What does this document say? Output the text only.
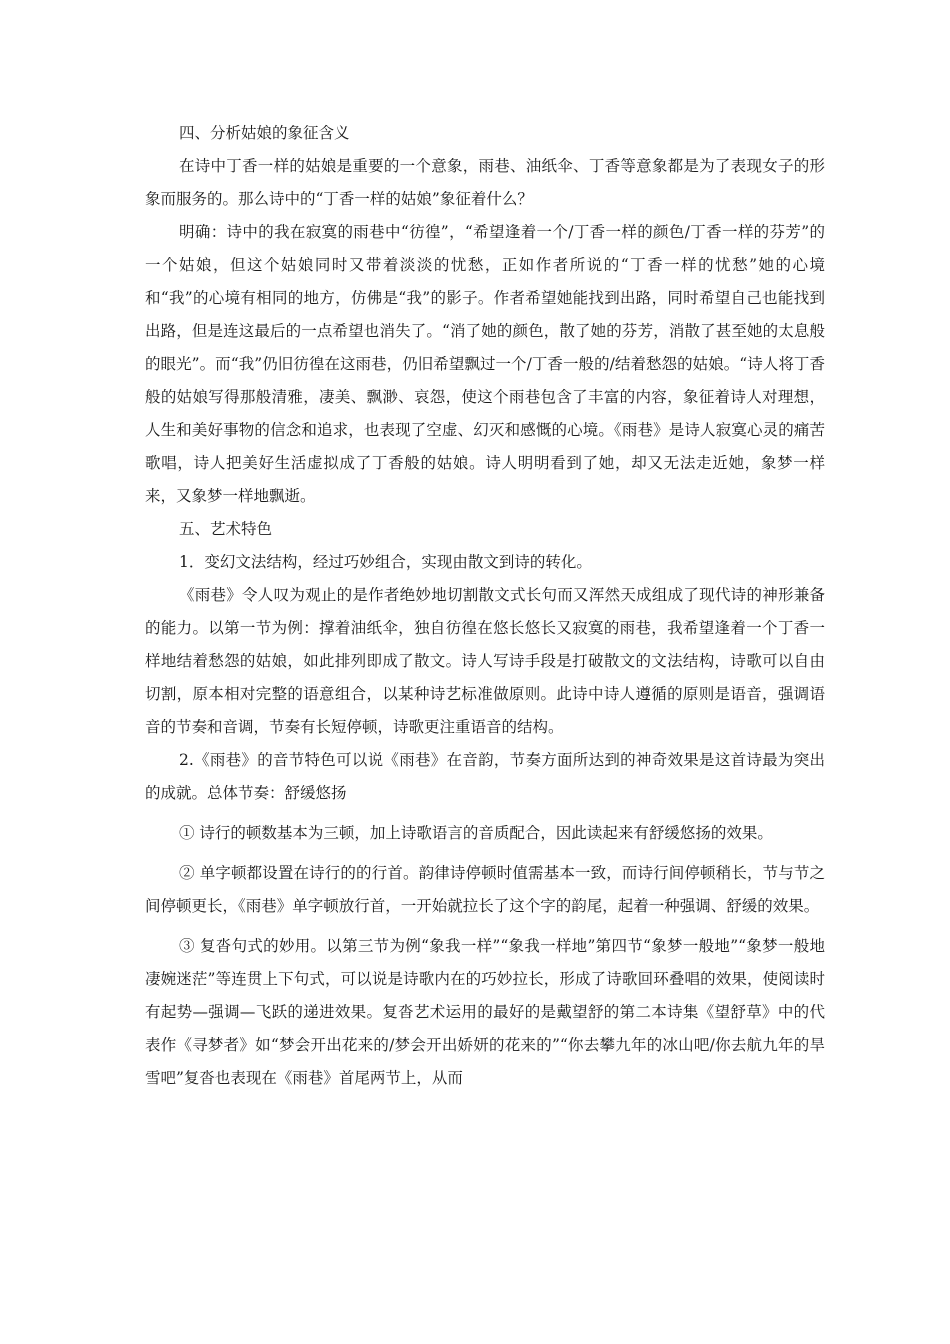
四、分析姑娘的象征含义

在诗中丁香一样的姑娘是重要的一个意象，雨巷、油纸伞、丁香等意象都是为了表现女子的形象而服务的。那么诗中的“丁香一样的姑娘”象征着什么？

明确：诗中的我在寂寞的雨巷中“彷徨”，“希望逢着一个/丁香一样的颜色/丁香一样的芬芳”的一个姑娘，但这个姑娘同时又带着淡淡的忧愁，正如作者所说的“丁香一样的忧愁”她的心境和“我”的心境有相同的地方，仿佛是“我”的影子。作者希望她能找到出路，同时希望自己也能找到出路，但是连这最后的一点希望也消失了。“消了她的颜色，散了她的芬芳，消散了甚至她的太息般的眼光”。而“我”仍旧彷徨在这雨巷，仍旧希望飘过一个/丁香一般的/结着愁怨的姑娘。“诗人将丁香般的姑娘写得那般清雅，凄美、飘渺、哀怨，使这个雨巷包含了丰富的内容，象征着诗人对理想，人生和美好事物的信念和追求，也表现了空虚、幻灭和感慨的心境。《雨巷》是诗人寂寞心灵的痛苦歌唱，诗人把美好生活虚拟成了丁香般的姑娘。诗人明明看到了她，却又无法走近她，象梦一样来，又象梦一样地飘逝。

五、艺术特色

1．变幻文法结构，经过巧妙组合，实现由散文到诗的转化。

《雨巷》令人叹为观止的是作者绝妙地切割散文式长句而又浑然天成组成了现代诗的神形兼备的能力。以第一节为例：撑着油纸伞，独自彷徨在悠长悠长又寂寞的雨巷，我希望逢着一个丁香一样地结着愁怨的姑娘，如此排列即成了散文。诗人写诗手段是打破散文的文法结构，诗歌可以自由切割，原本相对完整的语意组合，以某种诗艺标准做原则。此诗中诗人遵循的原则是语音，强调语音的节奏和音调，节奏有长短停顿，诗歌更注重语音的结构。

2.《雨巷》的音节特色可以说《雨巷》在音韵，节奏方面所达到的神奇效果是这首诗最为突出的成就。总体节奏：舒缓悠扬

① 诗行的顿数基本为三顿，加上诗歌语言的音质配合，因此读起来有舒缓悠扬的效果。

② 单字顿都设置在诗行的的行首。韵律诗停顿时值需基本一致，而诗行间停顿稍长，节与节之间停顿更长，《雨巷》单字顿放行首，一开始就拉长了这个字的韵尾，起着一种强调、舒缓的效果。

③ 复沓句式的妙用。以第三节为例“象我一样”“象我一样地”第四节“象梦一般地”“象梦一般地凄婉迷茫”等连贯上下句式，可以说是诗歌内在的巧妙拉长，形成了诗歌回环叠唱的效果，使阅读时有起势—强调—飞跃的递进效果。复沓艺术运用的最好的是戴望舒的第二本诗集《望舒草》中的代表作《寻梦者》如“梦会开出花来的/梦会开出娇妍的花来的”“你去攀九年的冰山吧/你去航九年的旱雪吧”复沓也表现在《雨巷》首尾两节上，从而
